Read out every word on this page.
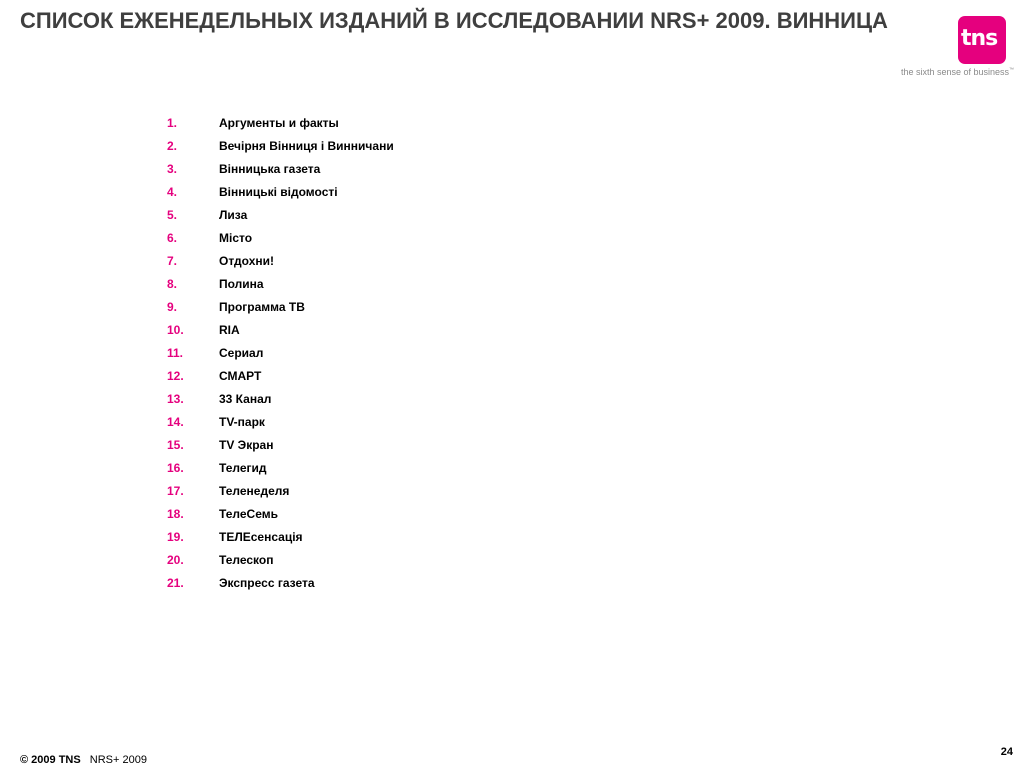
СПИСОК ЕЖЕНЕДЕЛЬНЫХ ИЗДАНИЙ В ИССЛЕДОВАНИИ NRS+ 2009. ВИННИЦА
tns
the sixth sense of business™
1.	Аргументы и факты
2.	Вечірня Вінниця і Винничани
3.	Вінницька газета
4.	Вінницькі відомості
5.	Лиза
6.	Місто
7.	Отдохни!
8.	Полина
9.	Программа ТВ
10.	RIA
11.	Сериал
12.	СМАРТ
13.	33 Канал
14.	TV-парк
15.	TV Экран
16.	Телегид
17.	Теленеделя
18.	ТелеСемь
19.	ТЕЛЕсенсація
20.	Телескоп
21.	Экспресс газета
© 2009 TNS NRS+ 2009
24
